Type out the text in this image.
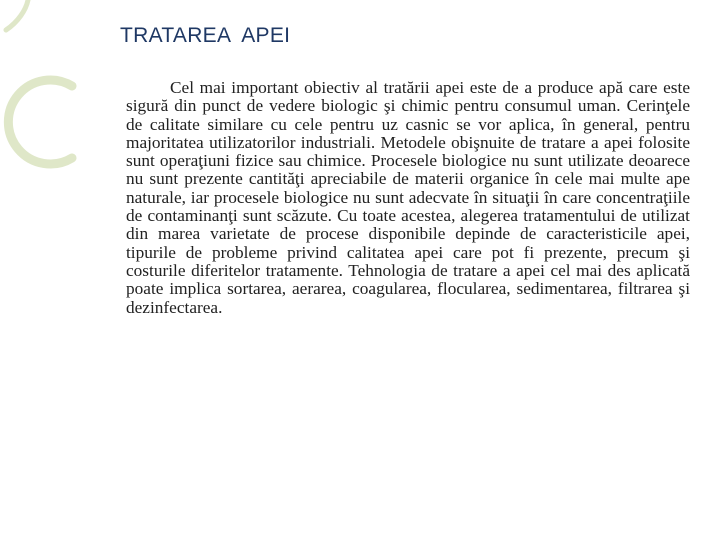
TRATAREA  APEI

Cel mai important obiectiv al tratării apei este de a produce apă care este sigură din punct de vedere biologic şi chimic pentru consumul uman. Cerinţele de calitate similare cu cele pentru uz casnic se vor aplica, în general, pentru majoritatea utilizatorilor industriali. Metodele obişnuite de tratare a apei folosite sunt operaţiuni fizice sau chimice. Procesele biologice nu sunt utilizate deoarece nu sunt prezente cantităţi apreciabile de materii organice în cele mai multe ape naturale, iar procesele biologice nu sunt adecvate în situaţii în care concentraţiile de contaminanţi sunt scăzute. Cu toate acestea, alegerea tratamentului de utilizat din marea varietate de procese disponibile depinde de caracteristicile apei, tipurile de probleme privind calitatea apei care pot fi prezente, precum şi costurile diferitelor tratamente. Tehnologia de tratare a apei cel mai des aplicată poate implica sortarea, aerarea, coagularea, flocularea, sedimentarea, filtrarea şi dezinfectarea.
